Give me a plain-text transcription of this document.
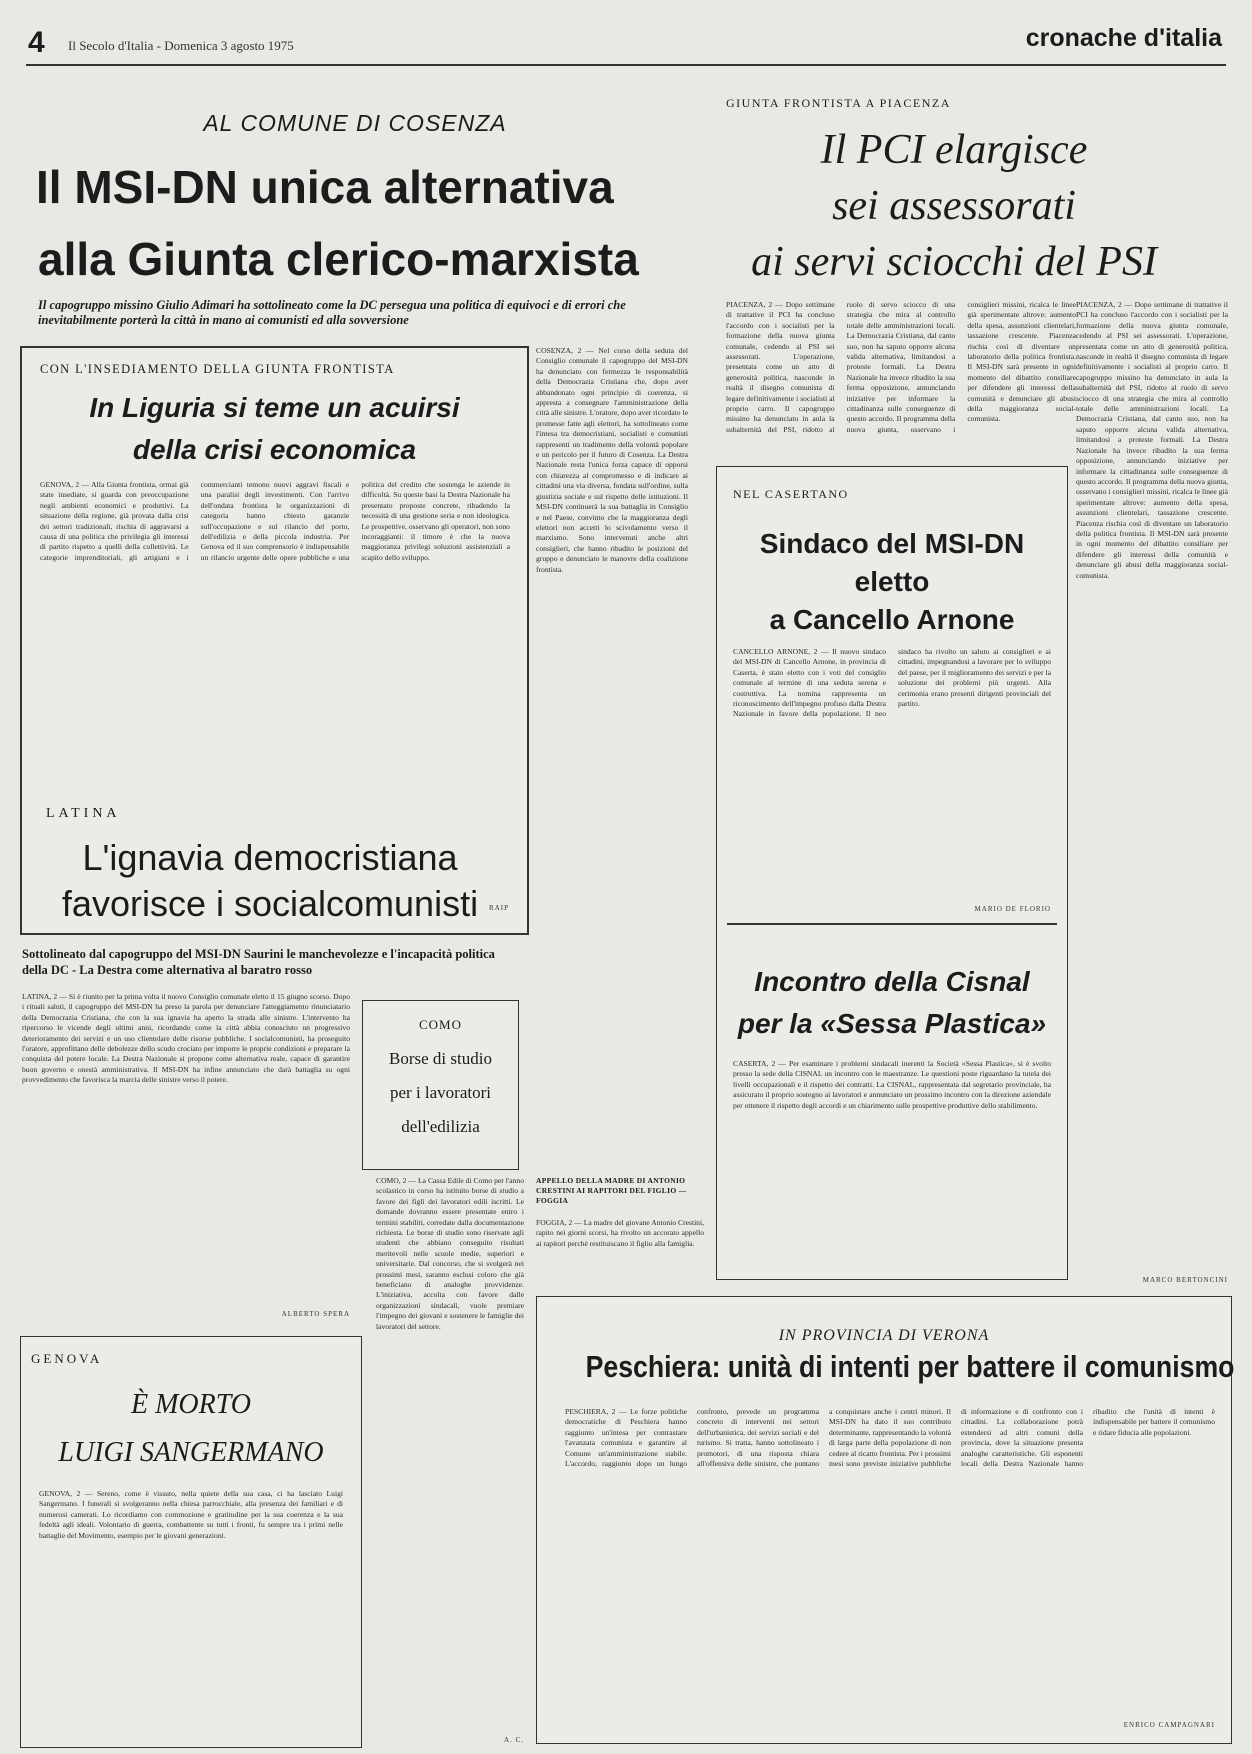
4 Il Secolo d'Italia - Domenica 3 agosto 1975	cronache d'italia
AL COMUNE DI COSENZA
Il MSI-DN unica alternativa
alla Giunta clerico-marxista
Il capogruppo missino Giulio Adimari ha sottolineato come la DC persegua una politica di equivoci e di errori che inevitabilmente porterà la città in mano ai comunisti ed alla sovversione
COSENZA, 2 — Nel corso della seduta del Consiglio comunale il capogruppo del MSI-DN ha denunciato con fermezza le responsabilità della Democrazia Cristiana che, dopo aver abbandonato ogni principio di coerenza, si appresta a consegnare l'amministrazione della città alle sinistre. L'oratore, dopo aver ricordato le promesse fatte agli elettori, ha sottolineato come l'intesa tra democristiani, socialisti e comunisti rappresenti un tradimento della volontà popolare e un pericolo per il futuro di Cosenza. La Destra Nazionale resta l'unica forza capace di opporsi con chiarezza al compromesso e di indicare ai cittadini una via diversa, fondata sull'ordine, sulla giustizia sociale e sul rispetto delle istituzioni. Il MSI-DN continuerà la sua battaglia in Consiglio e nel Paese, convinto che la maggioranza degli elettori non accetti lo scivolamento verso il marxismo. Sono intervenuti anche altri consiglieri, che hanno ribadito le posizioni del gruppo e denunciato le manovre della coalizione frontista.
CON L'INSEDIAMENTO DELLA GIUNTA FRONTISTA
In Liguria si teme un acuirsi
della crisi economica
GENOVA, 2 — Alla Giunta frontista, ormai già state insediate, si guarda con preoccupazione negli ambienti economici e produttivi. La situazione della regione, già provata dalla crisi dei settori tradizionali, rischia di aggravarsi a causa di una politica che privilegia gli interessi di partito rispetto a quelli della collettività. Le categorie imprenditoriali, gli artigiani e i commercianti temono nuovi aggravi fiscali e una paralisi degli investimenti. Con l'arrivo dell'ondata frontista le organizzazioni di categoria hanno chiesto garanzie sull'occupazione e sul rilancio del porto, dell'edilizia e della piccola industria. Per Genova ed il suo comprensorio è indispensabile un rilancio urgente delle opere pubbliche e una politica del credito che sostenga le aziende in difficoltà. Su queste basi la Destra Nazionale ha presentato proposte concrete, ribadendo la necessità di una gestione seria e non ideologica. Le prospettive, osservano gli operatori, non sono incoraggianti: il timore è che la nuova maggioranza privilegi soluzioni assistenziali a scapito dello sviluppo.
RAIP
LATINA
L'ignavia democristiana
favorisce i socialcomunisti
Sottolineato dal capogruppo del MSI-DN Saurini le manchevolezze e l'incapacità politica della DC - La Destra come alternativa al baratro rosso
LATINA, 2 — Si è riunito per la prima volta il nuovo Consiglio comunale eletto il 15 giugno scorso. Dopo i rituali saluti, il capogruppo del MSI-DN ha preso la parola per denunciare l'atteggiamento rinunciatario della Democrazia Cristiana, che con la sua ignavia ha aperto la strada alle sinistre. L'intervento ha ripercorso le vicende degli ultimi anni, ricordando come la città abbia conosciuto un progressivo deterioramento dei servizi e un uso clientelare delle risorse pubbliche. I socialcomunisti, ha proseguito l'oratore, approfittano delle debolezze dello scudo crociato per imporre le proprie condizioni e preparare la conquista del potere locale. La Destra Nazionale si propone come alternativa reale, capace di garantire buon governo e onestà amministrativa. Il MSI-DN ha infine annunciato che darà battaglia su ogni provvedimento che favorisca la marcia delle sinistre verso il potere.
ALBERTO SPERA
COMO
Borse di studio
per i lavoratori
dell'edilizia
COMO, 2 — La Cassa Edile di Como per l'anno scolastico in corso ha istituito borse di studio a favore dei figli dei lavoratori edili iscritti. Le domande dovranno essere presentate entro i termini stabiliti, corredate dalla documentazione richiesta. Le borse di studio sono riservate agli studenti che abbiano conseguito risultati meritevoli nelle scuole medie, superiori e universitarie. Dal concorso, che si svolgerà nei prossimi mesi, saranno esclusi coloro che già beneficiano di analoghe provvidenze. L'iniziativa, accolta con favore dalle organizzazioni sindacali, vuole premiare l'impegno dei giovani e sostenere le famiglie dei lavoratori del settore.
A. C.
GENOVA
È MORTO
LUIGI SANGERMANO
GENOVA, 2 — Sereno, come è vissuto, nella quiete della sua casa, ci ha lasciato Luigi Sangermano. I funerali si svolgeranno nella chiesa parrocchiale, alla presenza dei familiari e di numerosi camerati. Lo ricordiamo con commozione e gratitudine per la sua coerenza e la sua fedeltà agli ideali. Volontario di guerra, combattente su tutti i fronti, fu sempre tra i primi nelle battaglie del Movimento, esempio per le giovani generazioni.
GIUNTA FRONTISTA A PIACENZA
Il PCI elargisce
sei assessorati
ai servi sciocchi del PSI
PIACENZA, 2 — Dopo settimane di trattative il PCI ha concluso l'accordo con i socialisti per la formazione della nuova giunta comunale, cedendo al PSI sei assessorati. L'operazione, presentata come un atto di generosità politica, nasconde in realtà il disegno comunista di legare definitivamente i socialisti al proprio carro. Il capogruppo missino ha denunciato in aula la subalternità del PSI, ridotto al ruolo di servo sciocco di una strategia che mira al controllo totale delle amministrazioni locali. La Democrazia Cristiana, dal canto suo, non ha saputo opporre alcuna valida alternativa, limitandosi a proteste formali. La Destra Nazionale ha invece ribadito la sua ferma opposizione, annunciando iniziative per informare la cittadinanza sulle conseguenze di questo accordo. Il programma della nuova giunta, osservano i consiglieri missini, ricalca le linee già sperimentate altrove: aumento della spesa, assunzioni clientelari, tassazione crescente. Piacenza rischia così di diventare un laboratorio della politica frontista. Il MSI-DN sarà presente in ogni momento del dibattito consiliare per difendere gli interessi della comunità e denunciare gli abusi della maggioranza social-comunista.
PIACENZA, 2 — Dopo settimane di trattative il PCI ha concluso l'accordo con i socialisti per la formazione della nuova giunta comunale, cedendo al PSI sei assessorati. L'operazione, presentata come un atto di generosità politica, nasconde in realtà il disegno comunista di legare definitivamente i socialisti al proprio carro. Il capogruppo missino ha denunciato in aula la subalternità del PSI, ridotto al ruolo di servo sciocco di una strategia che mira al controllo totale delle amministrazioni locali. La Democrazia Cristiana, dal canto suo, non ha saputo opporre alcuna valida alternativa, limitandosi a proteste formali. La Destra Nazionale ha invece ribadito la sua ferma opposizione, annunciando iniziative per informare la cittadinanza sulle conseguenze di questo accordo. Il programma della nuova giunta, osservano i consiglieri missini, ricalca le linee già sperimentate altrove: aumento della spesa, assunzioni clientelari, tassazione crescente. Piacenza rischia così di diventare un laboratorio della politica frontista. Il MSI-DN sarà presente in ogni momento del dibattito consiliare per difendere gli interessi della comunità e denunciare gli abusi della maggioranza social-comunista.
MARCO BERTONCINI
NEL CASERTANO
Sindaco del MSI-DN
eletto
a Cancello Arnone
CANCELLO ARNONE, 2 — Il nuovo sindaco del MSI-DN di Cancello Arnone, in provincia di Caserta, è stato eletto con i voti del consiglio comunale al termine di una seduta serena e costruttiva. La nomina rappresenta un riconoscimento dell'impegno profuso dalla Destra Nazionale in favore della popolazione. Il neo sindaco ha rivolto un saluto ai consiglieri e ai cittadini, impegnandosi a lavorare per lo sviluppo del paese, per il miglioramento dei servizi e per la soluzione dei problemi più urgenti. Alla cerimonia erano presenti dirigenti provinciali del partito.
MARIO DE FLORIO
Incontro della Cisnal
per la «Sessa Plastica»
CASERTA, 2 — Per esaminare i problemi sindacali inerenti la Società «Sessa Plastica», si è svolto presso la sede della CISNAL un incontro con le maestranze. Le questioni poste riguardano la tutela dei livelli occupazionali e il rispetto dei contratti. La CISNAL, rappresentata dal segretario provinciale, ha assicurato il proprio sostegno ai lavoratori e annunciato un prossimo incontro con la direzione aziendale per ottenere il rispetto degli accordi e un chiarimento sulle prospettive produttive dello stabilimento.
APPELLO DELLA MADRE DI ANTONIO CRESTINI AI RAPITORI DEL FIGLIO — FOGGIA
FOGGIA, 2 — La madre del giovane Antonio Crestini, rapito nei giorni scorsi, ha rivolto un accorato appello ai rapitori perché restituiscano il figlio alla famiglia.
IN PROVINCIA DI VERONA
Peschiera: unità di intenti per battere il comunismo
PESCHIERA, 2 — Le forze politiche democratiche di Peschiera hanno raggiunto un'intesa per contrastare l'avanzata comunista e garantire al Comune un'amministrazione stabile. L'accordo, raggiunto dopo un lungo confronto, prevede un programma concreto di interventi nei settori dell'urbanistica, dei servizi sociali e del turismo. Si tratta, hanno sottolineato i promotori, di una risposta chiara all'offensiva delle sinistre, che puntano a conquistare anche i centri minori. Il MSI-DN ha dato il suo contributo determinante, rappresentando la volontà di larga parte della popolazione di non cedere al ricatto frontista. Per i prossimi mesi sono previste iniziative pubbliche di informazione e di confronto con i cittadini. La collaborazione potrà estendersi ad altri comuni della provincia, dove la situazione presenta analoghe caratteristiche. Gli esponenti locali della Destra Nazionale hanno ribadito che l'unità di intenti è indispensabile per battere il comunismo e ridare fiducia alle popolazioni.
ENRICO CAMPAGNARI
